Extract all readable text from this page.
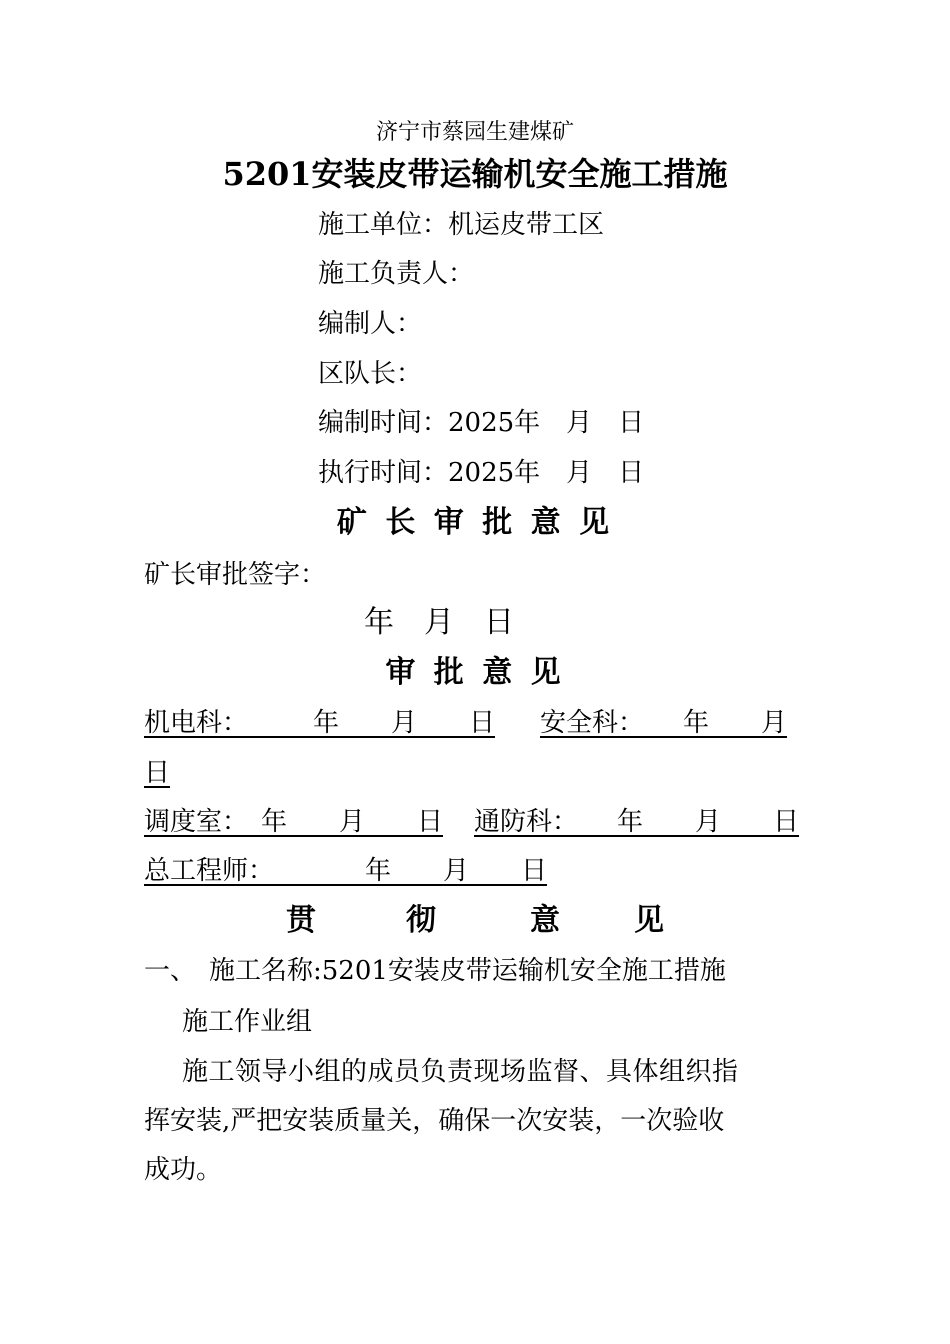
济宁市蔡园生建煤矿
5201安装皮带运输机安全施工措施
施工单位：机运皮带工区
施工负责人：
编制人：
区队长：
编制时间：2025年　月　日
执行时间：2025年　月　日
矿 长 审 批 意 见
矿长审批签字：
年　月　日
审 批 意 见
机电科：　　　年　　月　　日 安全科：　　年　　月
日
调度室：　年　　月　　日 通防科：　　年　　月　　日
总工程师：　　　　年　　月　　日
贯	彻	意 见
一、　施工名称:5201安装皮带运输机安全施工措施
施工作业组
施工领导小组的成员负责现场监督、具体组织指
挥安装,严把安装质量关，确保一次安装，一次验收
成功。
